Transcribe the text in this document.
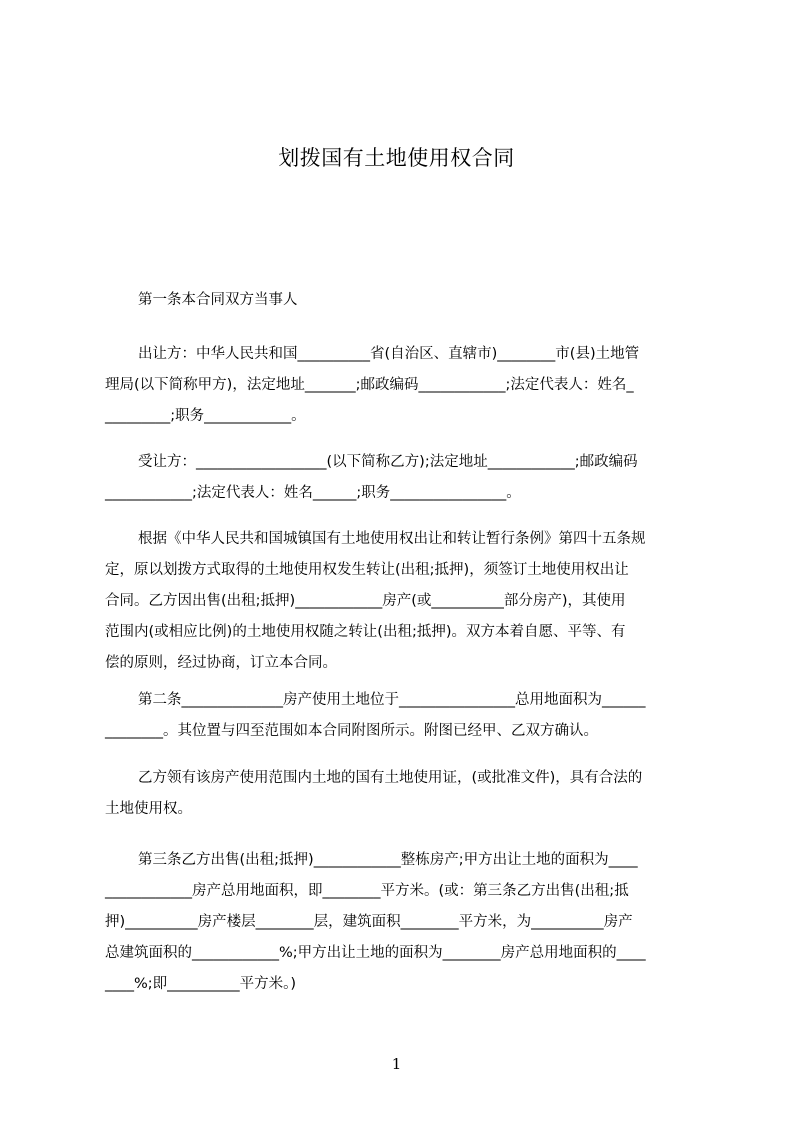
划拨国有土地使用权合同
第一条本合同双方当事人
出让方：中华人民共和国__________省(自治区、直辖市)________市(县)土地管
理局(以下简称甲方)，法定地址_______;邮政编码____________;法定代表人：姓名_
_________;职务____________。
受让方：__________________(以下简称乙方);法定地址____________;邮政编码
____________;法定代表人：姓名______;职务________________。
根据《中华人民共和国城镇国有土地使用权出让和转让暂行条例》第四十五条规
定，原以划拨方式取得的土地使用权发生转让(出租;抵押)，须签订土地使用权出让
合同。乙方因出售(出租;抵押)____________房产(或__________部分房产)，其使用
范围内(或相应比例)的土地使用权随之转让(出租;抵押)。双方本着自愿、平等、有
偿的原则，经过协商，订立本合同。
第二条______________房产使用土地位于________________总用地面积为______
________。其位置与四至范围如本合同附图所示。附图已经甲、乙双方确认。
乙方领有该房产使用范围内土地的国有土地使用证，(或批准文件)，具有合法的
土地使用权。
第三条乙方出售(出租;抵押)____________整栋房产;甲方出让土地的面积为____
____________房产总用地面积，即________平方米。(或：第三条乙方出售(出租;抵
押)__________房产楼层________层，建筑面积________平方米，为__________房产
总建筑面积的____________%;甲方出让土地的面积为________房产总用地面积的____
____%;即__________平方米。)
1
